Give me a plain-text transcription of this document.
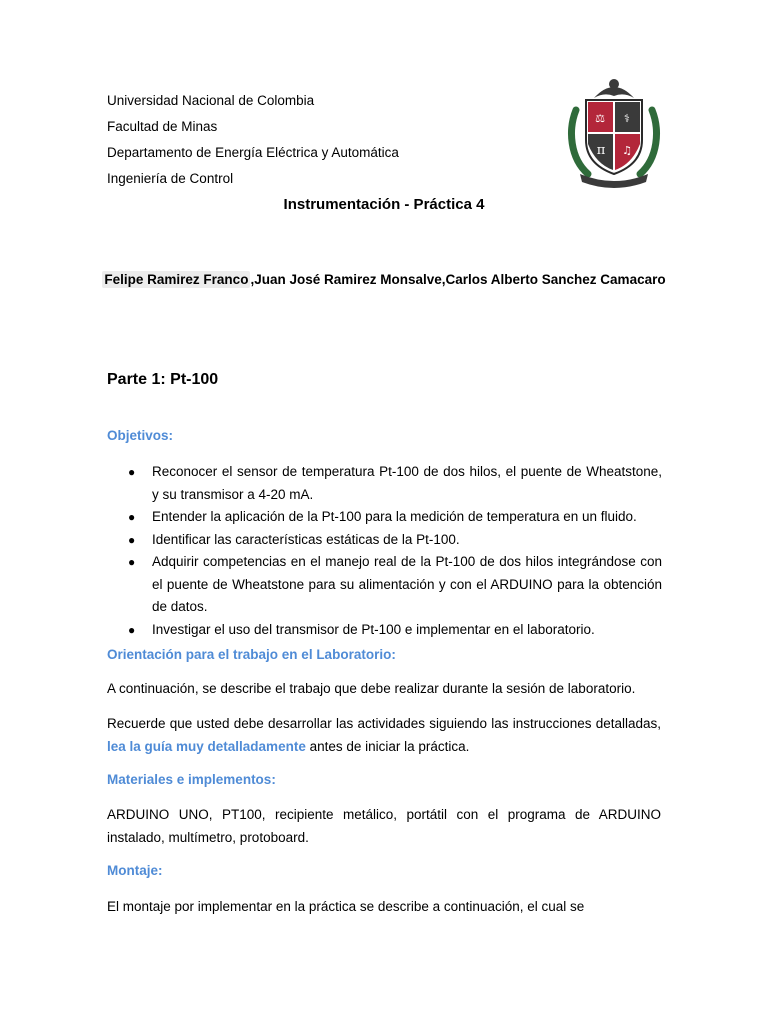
Universidad Nacional de Colombia
Facultad de Minas
Departamento de Energía Eléctrica y Automática
Ingeniería de Control
⚖ ⚕
π ♫
Instrumentación - Práctica 4
Felipe Ramirez Franco ,Juan José Ramirez Monsalve,Carlos Alberto Sanchez Camacaro
Parte 1: Pt-100
Objetivos:
● Reconocer el sensor de temperatura Pt-100 de dos hilos, el puente de Wheatstone, y su transmisor a 4-20 mA.
● Entender la aplicación de la Pt-100 para la medición de temperatura en un fluido.
● Identificar las características estáticas de la Pt-100.
● Adquirir competencias en el manejo real de la Pt-100 de dos hilos integrándose con el puente de Wheatstone para su alimentación y con el ARDUINO para la obtención de datos.
● Investigar el uso del transmisor de Pt-100 e implementar en el laboratorio.
Orientación para el trabajo en el Laboratorio:
A continuación, se describe el trabajo que debe realizar durante la sesión de laboratorio.
Recuerde que usted debe desarrollar las actividades siguiendo las instrucciones detalladas, lea la guía muy detalladamente antes de iniciar la práctica.
Materiales e implementos:
ARDUINO UNO, PT100, recipiente metálico, portátil con el programa de ARDUINO instalado, multímetro, protoboard.
Montaje:
El montaje por implementar en la práctica se describe a continuación, el cual se
